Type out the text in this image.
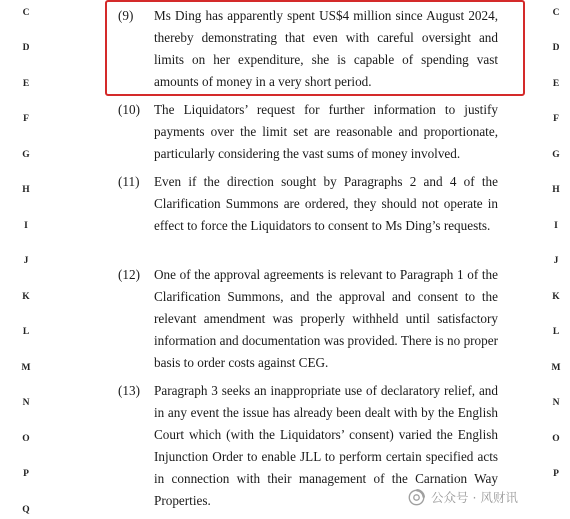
C
D
E
F
G
H
I
J
K
L
M
N
O
P
Q
C
D
E
F
G
H
I
J
K
L
M
N
O
P
(9) Ms Ding has apparently spent US$4 million since August 2024, thereby demonstrating that even with careful oversight and limits on her expenditure, she is capable of spending vast amounts of money in a very short period.
(10) The Liquidators’ request for further information to justify payments over the limit set are reasonable and proportionate, particularly considering the vast sums of money involved.
(11) Even if the direction sought by Paragraphs 2 and 4 of the Clarification Summons are ordered, they should not operate in effect to force the Liquidators to consent to Ms Ding’s requests.
(12) One of the approval agreements is relevant to Paragraph 1 of the Clarification Summons, and the approval and consent to the relevant amendment was properly withheld until satisfactory information and documentation was provided. There is no proper basis to order costs against CEG.
(13) Paragraph 3 seeks an inappropriate use of declaratory relief, and in any event the issue has already been dealt with by the English Court which (with the Liquidators’ consent) varied the English Injunction Order to enable JLL to perform certain specified acts in connection with their management of the Carnation Way Properties.	公众号 · 风财讯
